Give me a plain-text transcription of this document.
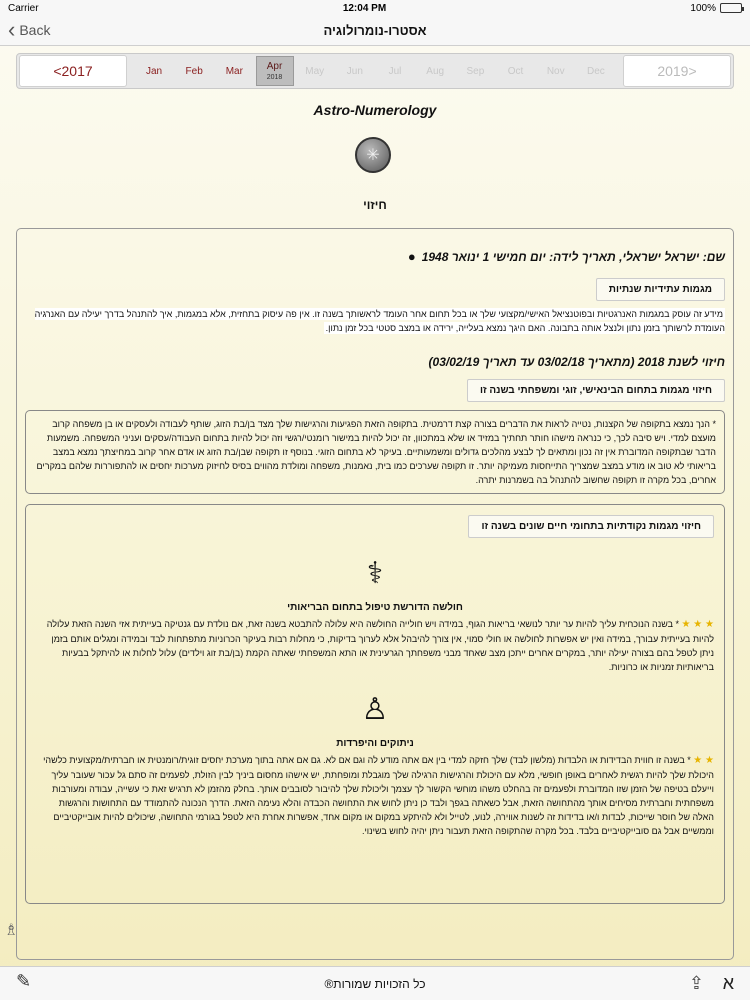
Carrier	12:04 PM	100%
‹ Back	אסטרו-נומרולוגיה
<2017	Jan Feb Mar Apr
2018
May Jun	Jul Aug Sep Oct Nov Dec	2019>
Astro-Numerology
✳
חיזוי
שם: ישראל ישראלי, תאריך לידה: יום חמישי 1 ינואר 1948
●
מגמות עתידיות שנתיות

מידע זה עוסק במגמות האנרגטיות ובפוטנציאל האישי/מקצועי שלך או בכל תחום אחר העומד לראשותך בשנה זו. אין פה עיסוק בתחזית, אלא במגמות, איך להתנהל בדרך יעילה עם האנרגיה העומדת לרשותך בזמן נתון ולנצל אותה בתבונה. האם היגך נמצא בעלייה, ירידה או במצב סטטי בכל זמן נתון.

חיזוי לשנת 2018 (מתאריך 03/02/18 עד תאריך 03/02/19)
חיזוי מגמות בתחום הבינאישי, זוגי ומשפחתי בשנה זו

* הנך נמצא בתקופה של הקצנות, נטייה לראות את הדברים בצורה קצת דרמטית. בתקופה הזאת הפגיעות והרגישות שלך מצד בן/בת הזוג, שותף לעבודה ולעסקים או בן משפחה קרוב מועצם למדי. ויש סיבה לכך, כי כנראה מישהו חותר תחתיך במזיד או שלא במתכוון, זה יכול להיות במישור רומנטי/רגשי וזה יכול להיות בתחום העבודה/עסקים ועניני המשפחה. משמעות הדבר שבתקופה המדוברת אין זה נכון ומתאים לך לבצע מהלכים גדולים ומשמעותיים. בעיקר לא בתחום הזוגי. בנוסף זו תקופה שבן/בת הזוג או אדם אחר קרוב במחיצתך נמצא במצב בריאותי לא טוב או מודע במצב שמצריך התייחסות מעמיקה יותר. זו תקופה שערכים כמו בית, נאמנות, משפחה ומולדת מהווים בסיס לחיזוק מערכות יחסים או להתפוררות שלהם במקרים אחרים, בכל מקרה זו תקופה שחשוב להתנהל בה בשמרנות יתרה.

חיזוי מגמות נקודתיות בתחומי חיים שונים בשנה זו
⚕
חולשה הדורשת טיפול בתחום הבריאותי

★ ★ ★ * בשנה הנוכחית עליך להיות ער יותר לנושאי בריאות הגוף, במידה ויש חולייה החולשה היא עלולה להתבטא בשנה זאת, אם נולדת עם גנטיקה בעייתית אזי השנה הזאת עלולה להיות בעייתית עבורך, במידה ואין יש אפשרות לחולשה או חולי סמוי, אין צורך להיבהל אלא לערוך בדיקות, כי מחלות רבות בעיקר הכרוניות מתפתחות לבד ובמידה ומגלים אותם בזמן ניתן לטפל בהם בצורה יעילה יותר, במקרים אחרים ייתכן מצב שאחד מבני משפחתך הגרעינית או התא המשפחתי שאתה הקמת (בן/בת זוג וילדים) עלול לחלות או להיתקל בבעיות בריאותיות זמניות או כרוניות.

♙
ניתוקים והיפרדות

★ ★ * בשנה זו חווית הבדידות או הלבדות (מלשון לבד) שלך חזקה למדי בין אם אתה מודע לה וגם אם לא. גם אם אתה בתוך מערכת יחסים זוגית/רומנטית או חברתית/מקצועית כלשהי היכולת שלך להיות רגשית לאחרים באופן חופשי, מלא עם היכולת והרגישות הרגילה שלך מוגבלת ומופחתת, יש אישהו מחסום ביניך לבין הזולת, לפעמים זה סתם גל עכור שעובר עליך וייעלם בטיפה של הזמן שזו המדוברת ולפעמים זה בהחלט משהו מוחשי הקשור לך עצמך וליכולת שלך להיבור לסובבים אותך. בחלק מהזמן לא תרגיש זאת כי עשייה, עבודה ומעורבות משפחתית וחברתית מסיחים אותך מהתחושה הזאת, אבל כשאתה בגפך ולבד כן ניתן לחוש את התחושה הכבדה והלא נעימה הזאת. הדרך הנכונה להתמודד עם התחושות והרגשות האלה של חוסר שייכות, לבדות ו/או בדידות זה לשנות אווירה, לנוע, לטייל ולא להיתקע במקום או מקום אחד, אפשרות אחרת היא לטפל בגורמי התחושה, שיכולים להיות אובייקטיביים וממשיים אבל גם סובייקטיביים בלבד. בכל מקרה שהתקופה הזאת תעבור ניתן יהיה לחוש בשינוי.

♗
✎	כל הזכויות שמורות®	⇪ א
